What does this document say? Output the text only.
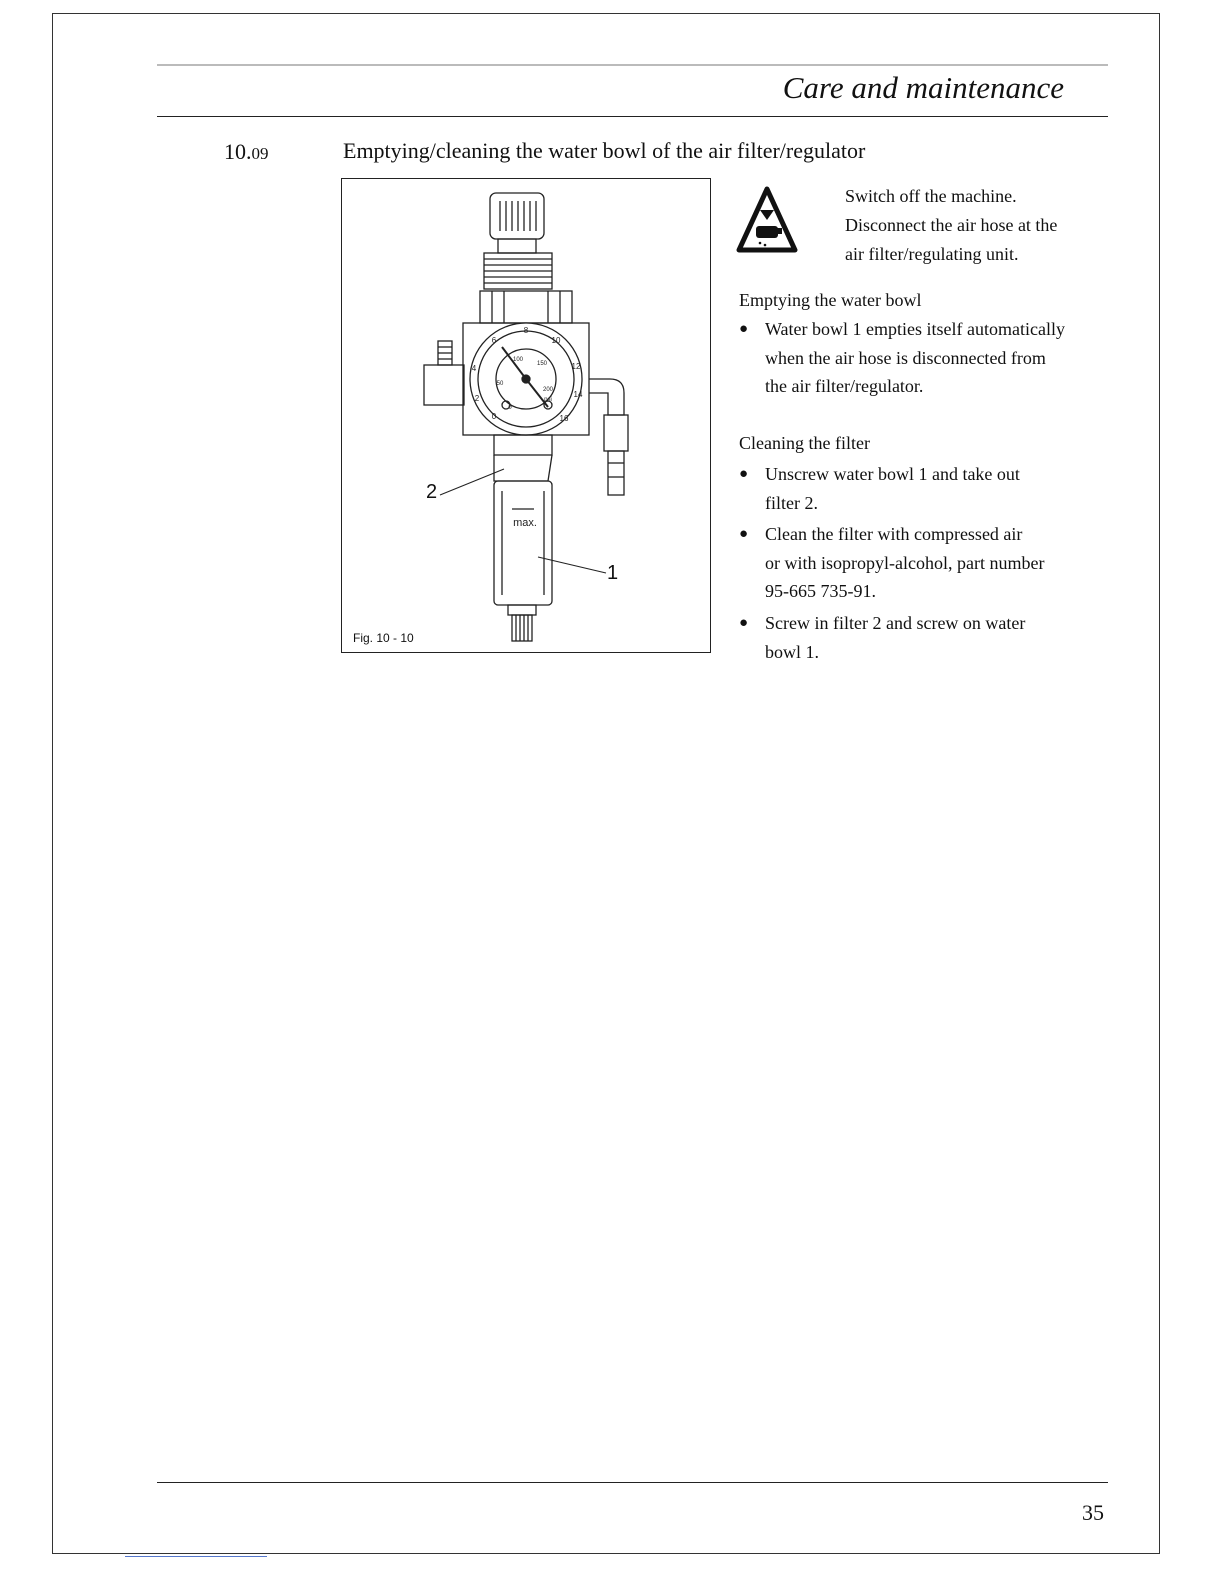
Care and maintenance
10.09	Emptying/cleaning the water bowl of the air filter/regulator
0
2
4
6
8
10
12
14
16
0
50
100
150
200
psi
max.
2
1
Fig. 10 - 10
Switch off the machine.
Disconnect the air hose at the
air filter/regulating unit.
Emptying the water bowl
● Water bowl 1 empties itself automatically
when the air hose is disconnected from
the air filter/regulator.
Cleaning the filter
● Unscrew water bowl 1 and take out
filter 2.
● Clean the filter with compressed air
or with isopropyl-alcohol, part number
95-665 735-91.
● Screw in filter 2 and screw on water
bowl 1.
35
